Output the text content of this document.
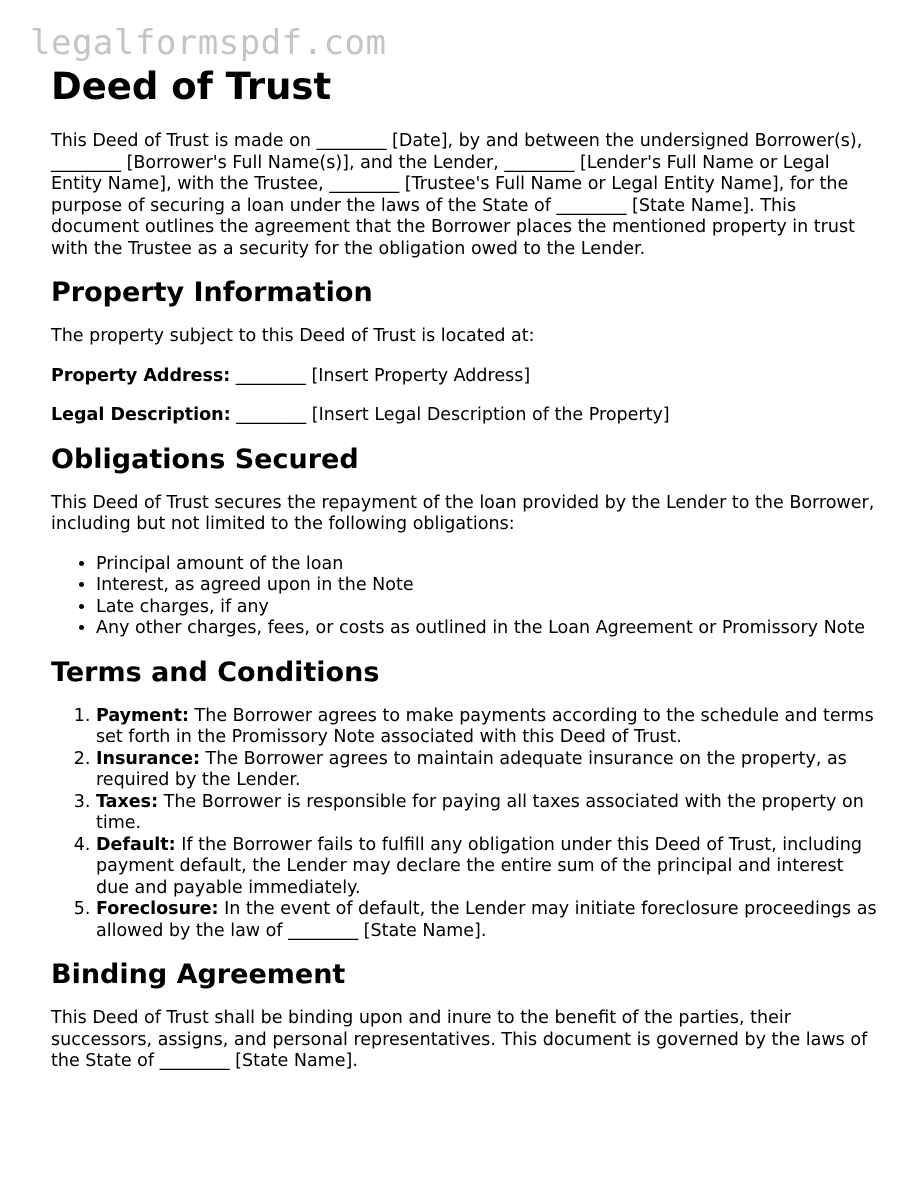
legalformspdf.com
Deed of Trust

This Deed of Trust is made on ________ [Date], by and between the undersigned Borrower(s), ________ [Borrower's Full Name(s)], and the Lender, ________ [Lender's Full Name or Legal Entity Name], with the Trustee, ________ [Trustee's Full Name or Legal Entity Name], for the purpose of securing a loan under the laws of the State of ________ [State Name]. This document outlines the agreement that the Borrower places the mentioned property in trust with the Trustee as a security for the obligation owed to the Lender.

Property Information

The property subject to this Deed of Trust is located at:

Property Address: ________ [Insert Property Address]

Legal Description: ________ [Insert Legal Description of the Property]

Obligations Secured

This Deed of Trust secures the repayment of the loan provided by the Lender to the Borrower, including but not limited to the following obligations:

• Principal amount of the loan
• Interest, as agreed upon in the Note
• Late charges, if any
• Any other charges, fees, or costs as outlined in the Loan Agreement or Promissory Note
Terms and Conditions
1. Payment: The Borrower agrees to make payments according to the schedule and terms set forth in the Promissory Note associated with this Deed of Trust.
2. Insurance: The Borrower agrees to maintain adequate insurance on the property, as required by the Lender.
3. Taxes: The Borrower is responsible for paying all taxes associated with the property on time.
4. Default: If the Borrower fails to fulfill any obligation under this Deed of Trust, including payment default, the Lender may declare the entire sum of the principal and interest due and payable immediately.
5. Foreclosure: In the event of default, the Lender may initiate foreclosure proceedings as allowed by the law of ________ [State Name].
Binding Agreement

This Deed of Trust shall be binding upon and inure to the benefit of the parties, their successors, assigns, and personal representatives. This document is governed by the laws of the State of ________ [State Name].
